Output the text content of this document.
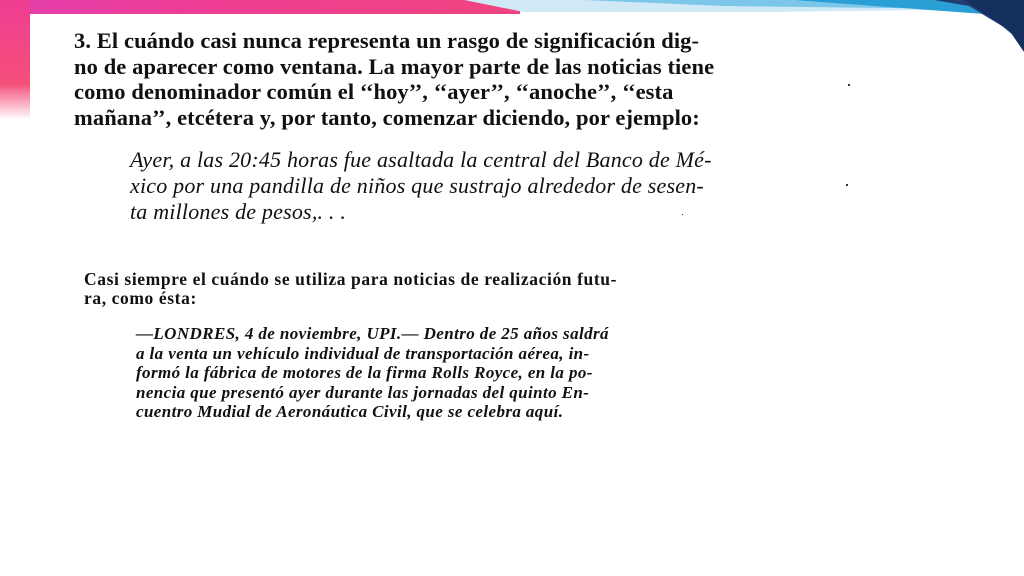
3. El cuándo casi nunca representa un rasgo de significación dig-
no de aparecer como ventana. La mayor parte de las noticias tiene
como denominador común el ‘‘hoy’’, ‘‘ayer’’, ‘‘anoche’’, ‘‘esta
mañana’’, etcétera y, por tanto, comenzar diciendo, por ejemplo:
Ayer, a las 20:45 horas fue asaltada la central del Banco de Mé-
xico por una pandilla de niños que sustrajo alrededor de sesen-
ta millones de pesos,. . .
Casi siempre el cuándo se utiliza para noticias de realización futu-
ra, como ésta:
—LONDRES, 4 de noviembre, UPI.— Dentro de 25 años saldrá
a la venta un vehículo individual de transportación aérea, in-
formó la fábrica de motores de la firma Rolls Royce, en la po-
nencia que presentó ayer durante las jornadas del quinto En-
cuentro Mudial de Aeronáutica Civil, que se celebra aquí.
